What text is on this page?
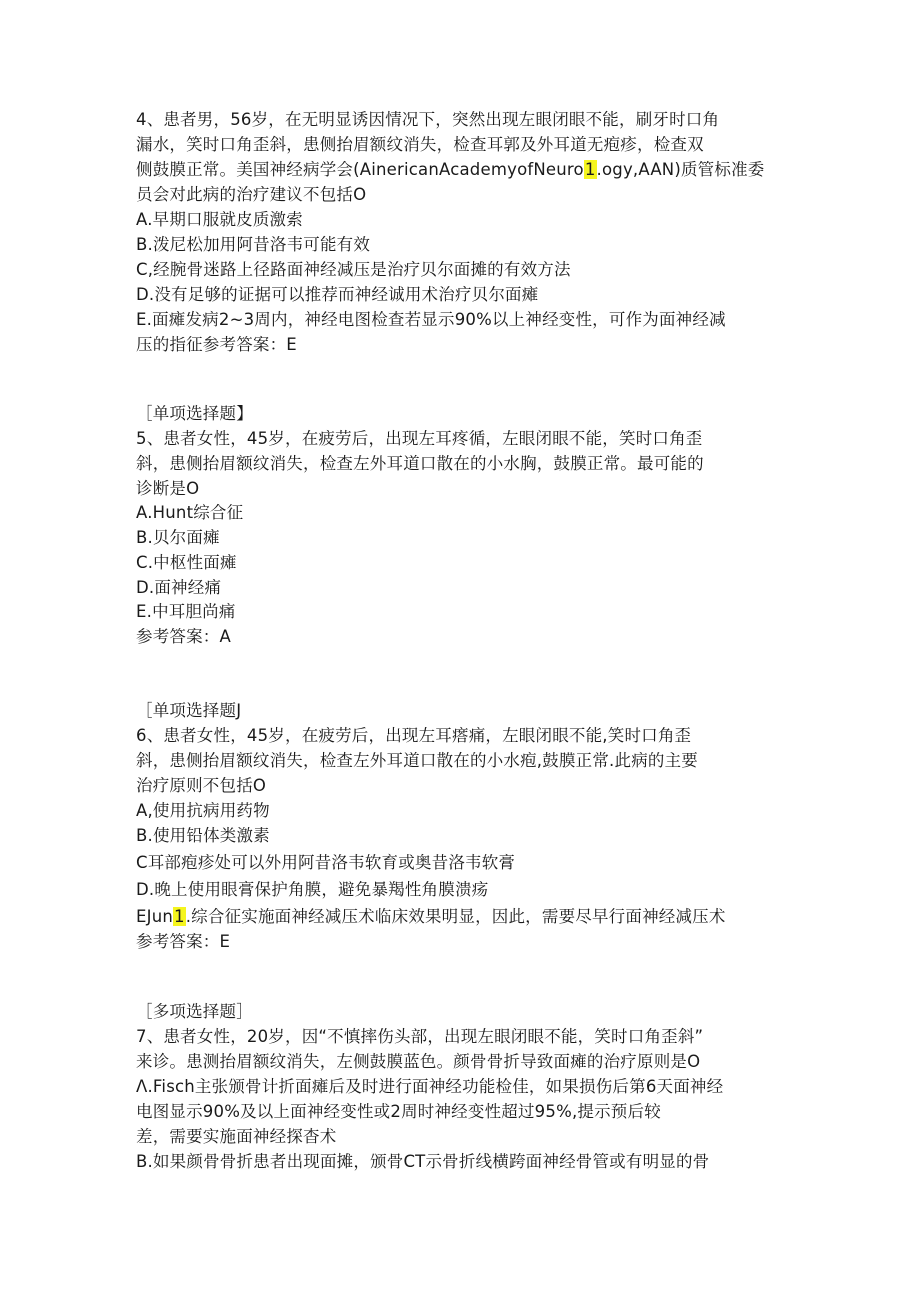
4、患者男，56岁，在无明显诱因情况下，突然出现左眼闭眼不能，刷牙时口角
漏水，笑时口角歪斜，患侧抬眉额纹消失，检查耳郭及外耳道无疱疹，检查双
侧鼓膜正常。美国神经病学会(AinericanAcademyofNeuro1.ogy,AAN)质管标准委
员会对此病的治疗建议不包括O
A.早期口服就皮质激索
B.泼尼松加用阿昔洛韦可能有效
C,经腕骨迷路上径路面神经减压是治疗贝尔面摊的有效方法
D.没有足够的证据可以推荐而神经诚用术治疗贝尔面瘫
E.面瘫发病2~3周内，神经电图检查若显示90%以上神经变性，可作为面神经减
压的指征参考答案：E
［单项选择题】
5、患者女性，45岁，在疲劳后，出现左耳疼循，左眼闭眼不能，笑时口角歪
斜，患侧抬眉额纹消失，检查左外耳道口散在的小水胸，鼓膜正常。最可能的
诊断是O
A.Hunt综合征
B.贝尔面瘫
C.中枢性面瘫
D.面神经痛
E.中耳胆尚痛
参考答案：A
［单项选择题J
6、患者女性，45岁，在疲劳后，出现左耳瘩痛，左眼闭眼不能,笑时口角歪
斜，患侧抬眉额纹消失，检查左外耳道口散在的小水疱,鼓膜正常.此病的主要
治疗原则不包括O
A,使用抗病用药物
B.使用铅体类激素
C耳部疱疹处可以外用阿昔洛韦软育或奥昔洛韦软膏
D.晚上使用眼膏保护角膜，避免暴羯性角膜溃疡
EJun1.综合征实施面神经减压术临床效果明显，因此，需要尽早行面神经减压术
参考答案：E
［多项选择题］
7、患者女性，20岁，因“不慎摔伤头部，出现左眼闭眼不能，笑时口角歪斜”
来诊。患测抬眉额纹消失，左侧鼓膜蓝色。颜骨骨折导致面瘫的治疗原则是O
Λ.Fisch主张颁骨计折面瘫后及时进行面神经功能检佳，如果损伤后第6天面神经
电图显示90%及以上面神经变性或2周时神经变性超过95%,提示预后较
差，需要实施面神经探杳术
B.如果颜骨骨折患者出现面摊，颁骨CT示骨折线横跨面神经骨管或有明显的骨
